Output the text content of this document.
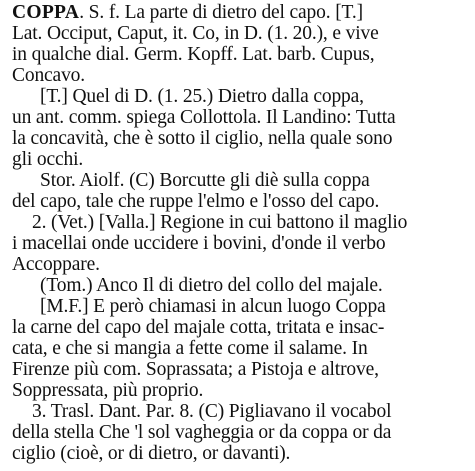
COPPA. S. f. La parte di dietro del capo. [T.]
Lat. Occiput, Caput, it. Co, in D. (1. 20.), e vive
in qualche dial. Germ. Kopff. Lat. barb. Cupus,
Concavo.
[T.] Quel di D. (1. 25.) Dietro dalla coppa,
un ant. comm. spiega Collottola. Il Landino: Tutta
la concavità, che è sotto il ciglio, nella quale sono
gli occhi.
Stor. Aiolf. (C) Borcutte gli diè sulla coppa
del capo, tale che ruppe l'elmo e l'osso del capo.
2. (Vet.) [Valla.] Regione in cui battono il maglio
i macellai onde uccidere i bovini, d'onde il verbo
Accoppare.
(Tom.) Anco Il di dietro del collo del majale.
[M.F.] E però chiamasi in alcun luogo Coppa
la carne del capo del majale cotta, tritata e insac-
cata, e che si mangia a fette come il salame. In
Firenze più com. Soprassata; a Pistoja e altrove,
Soppressata, più proprio.
3. Trasl. Dant. Par. 8. (C) Pigliavano il vocabol
della stella Che 'l sol vagheggia or da coppa or da
ciglio (cioè, or di dietro, or davanti).
